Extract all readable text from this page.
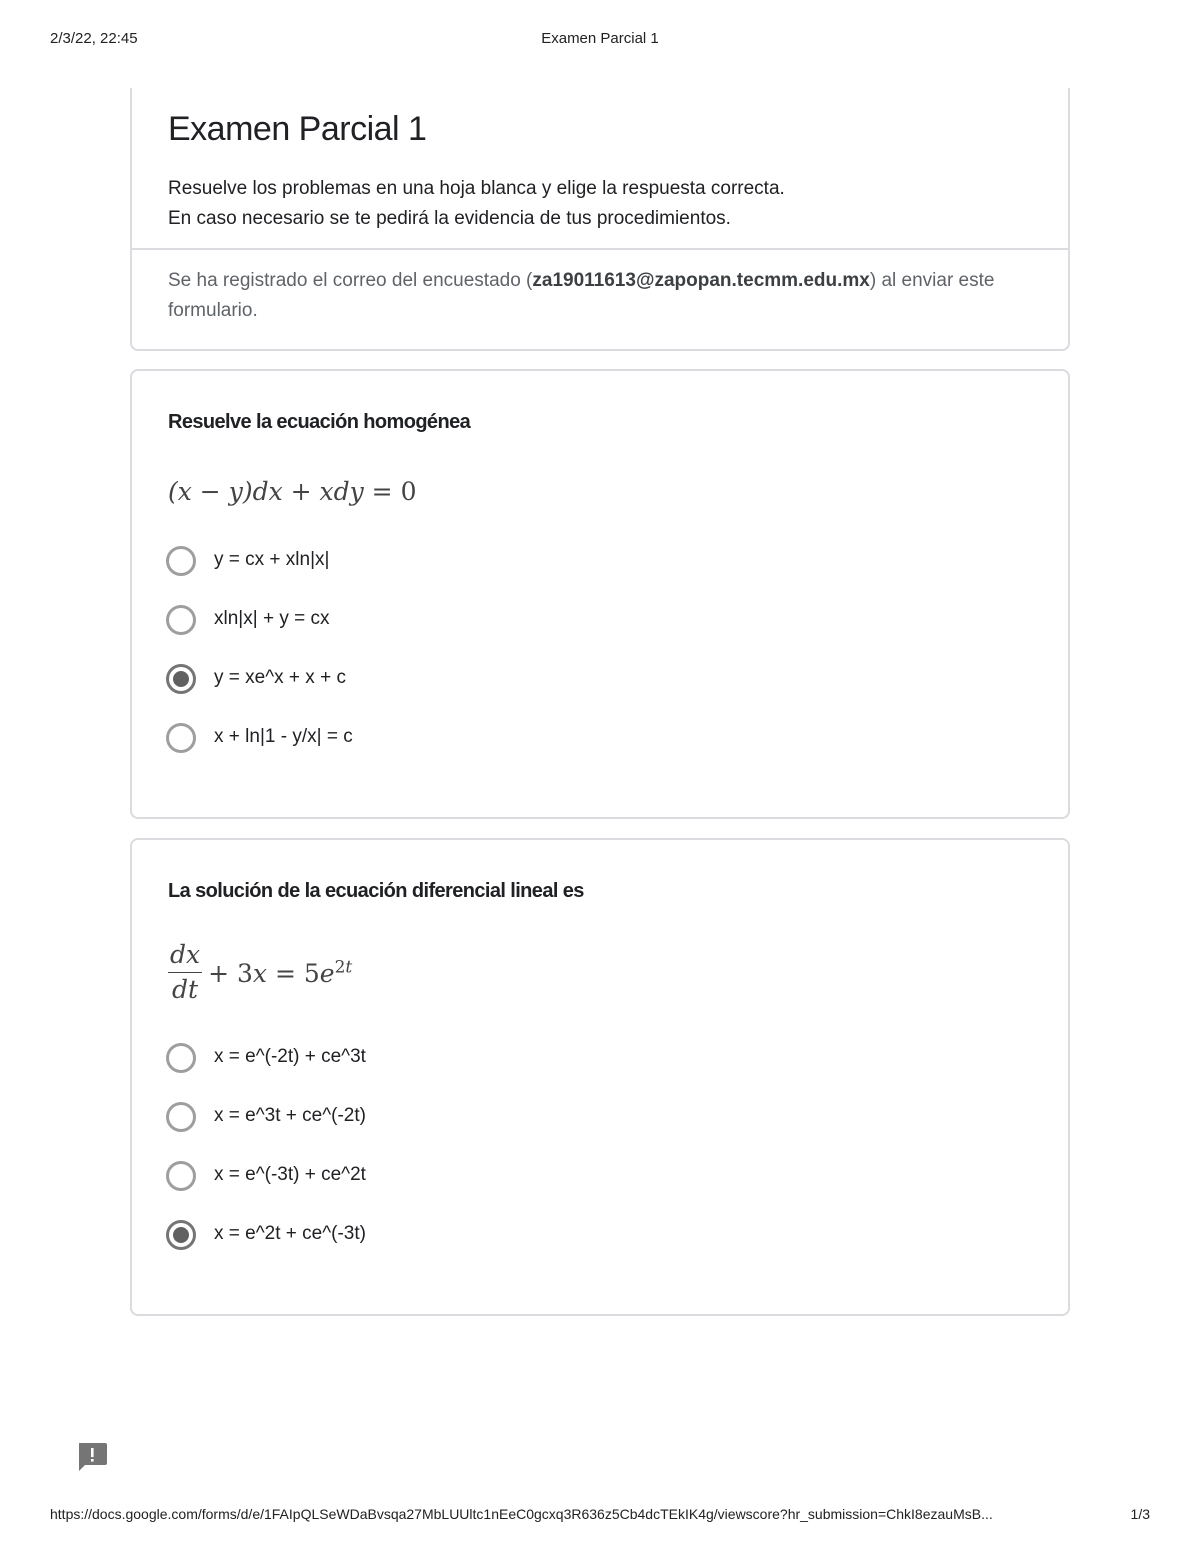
2/3/22, 22:45	Examen Parcial 1
Examen Parcial 1
Resuelve los problemas en una hoja blanca y elige la respuesta correcta.
En caso necesario se te pedirá la evidencia de tus procedimientos.
Se ha registrado el correo del encuestado (za19011613@zapopan.tecmm.edu.mx) al enviar este formulario.
Resuelve la ecuación homogénea
(x − y)dx + xdy = 0
y = cx + xln|x|
xln|x| + y = cx
y = xe^x + x + c
x + ln|1 - y/x| = c
La solución de la ecuación diferencial lineal es
$\frac{dx}{dt} + 3x = 5e^{2t}$
x = e^(-2t) + ce^3t
x = e^3t + ce^(-2t)
x = e^(-3t) + ce^2t
x = e^2t + ce^(-3t)
https://docs.google.com/forms/d/e/1FAIpQLSeWDaBvsqa27MbLUUltc1nEeC0gcxq3R636z5Cb4dcTEkIK4g/viewscore?hr_submission=ChkI8ezauMsB...	1/3
